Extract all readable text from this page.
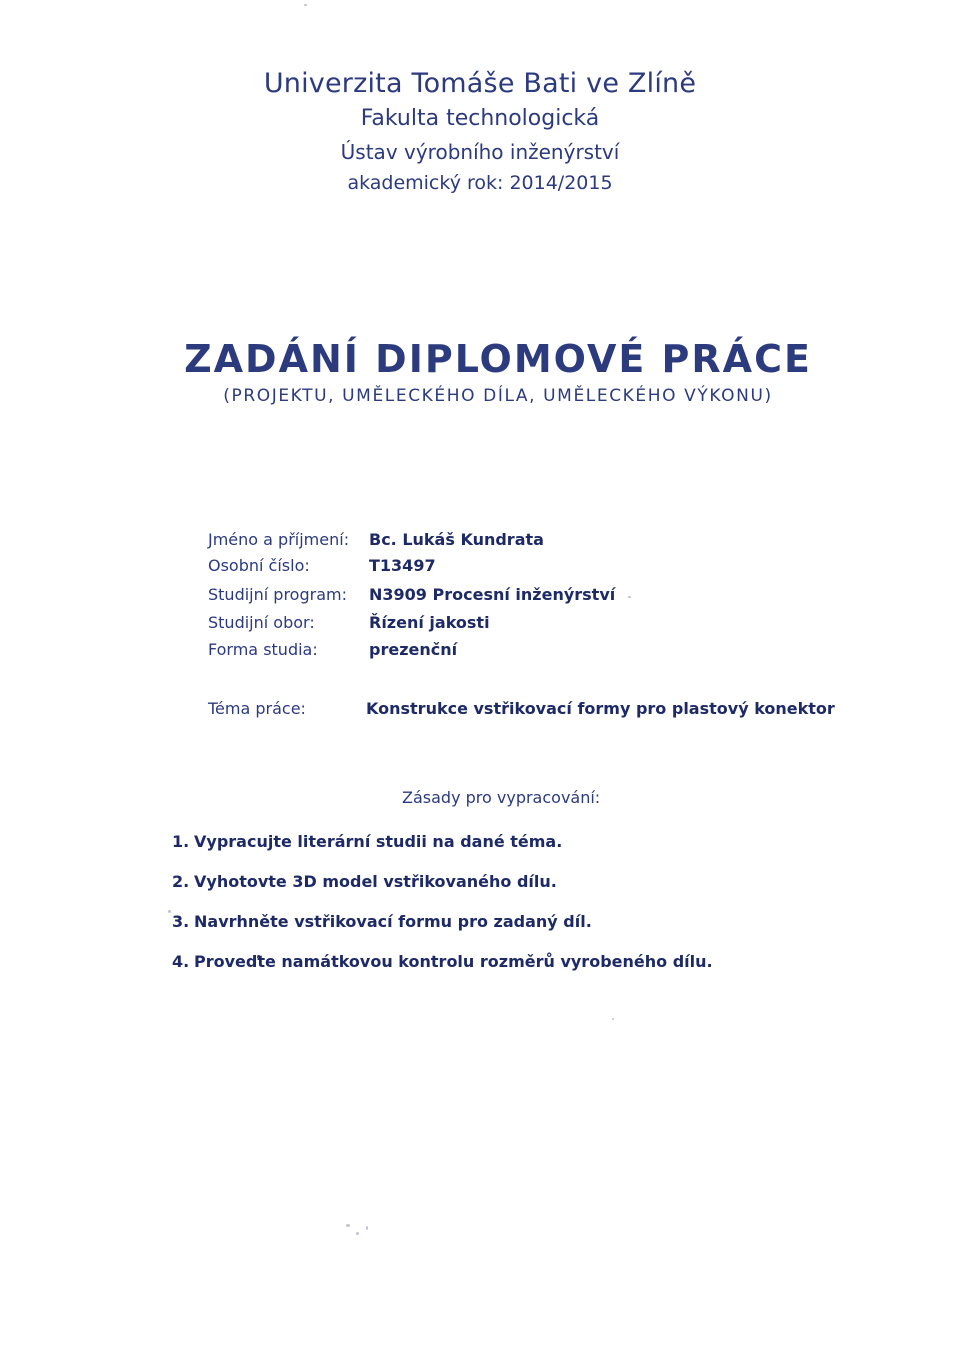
Univerzita Tomáše Bati ve Zlíně
Fakulta technologická
Ústav výrobního inženýrství
akademický rok: 2014/2015
ZADÁNÍ DIPLOMOVÉ PRÁCE
(PROJEKTU, UMĚLECKÉHO DÍLA, UMĚLECKÉHO VÝKONU)
Jméno a příjmení: Bc. Lukáš Kundrata
Osobní číslo:	T13497
Studijní program: N3909 Procesní inženýrství
Studijní obor:	Řízení jakosti
Forma studia:	prezenční
Téma práce:	Konstrukce vstřikovací formy pro plastový konektor
Zásady pro vypracování:
1. Vypracujte literární studii na dané téma.
2. Vyhotovte 3D model vstřikovaného dílu.
3. Navrhněte vstřikovací formu pro zadaný díl.
4. Proveďte namátkovou kontrolu rozměrů vyrobeného dílu.
